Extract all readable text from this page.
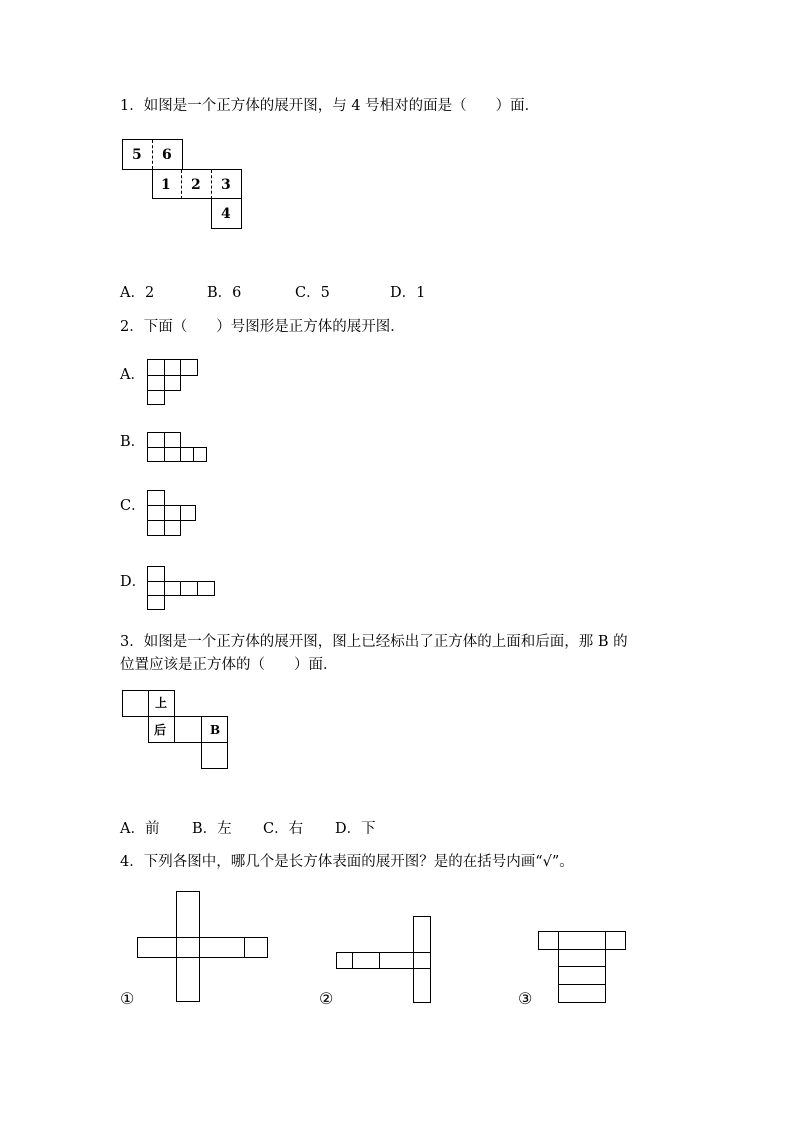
1．如图是一个正方体的展开图，与 4 号相对的面是（　　）面．
5 6
1 2 3
4
A．2	B．6	C．5	D．1
2．下面（　　）号图形是正方体的展开图．
A．
B．
C．
D．
3．如图是一个正方体的展开图，图上已经标出了正方体的上面和后面，那 B 的
位置应该是正方体的（　　）面．
上
后	B
A．前 B．左 C．右 D．下
4．下列各图中，哪几个是长方体表面的展开图？是的在括号内画“√”。
①	②	③
